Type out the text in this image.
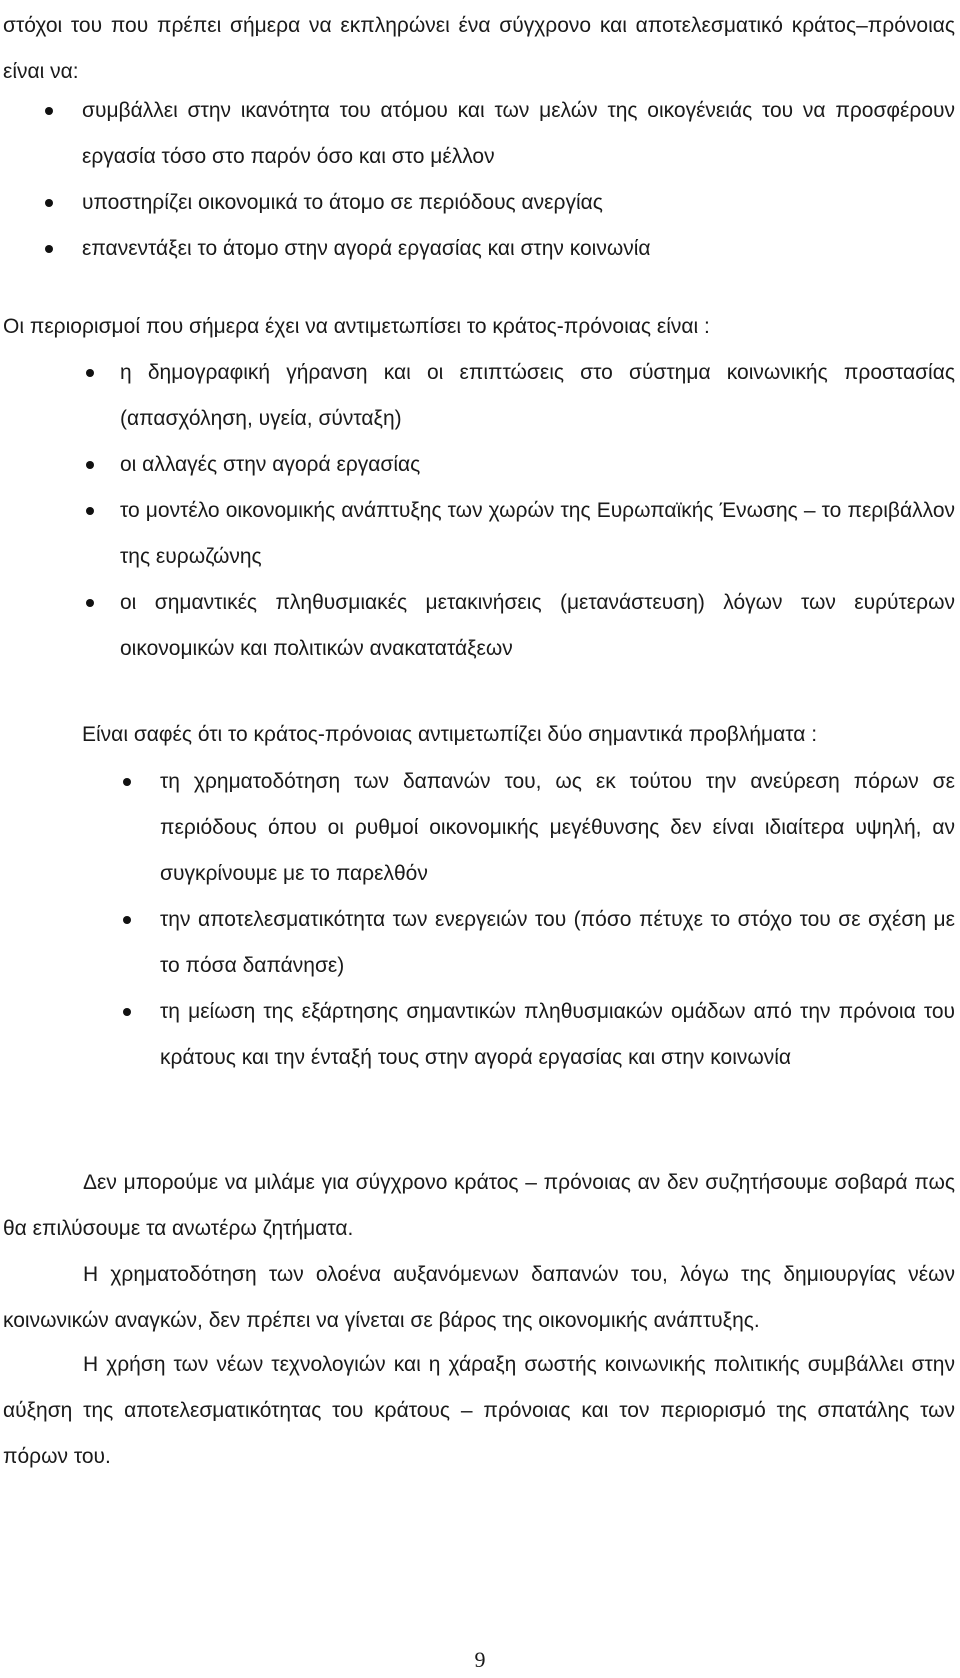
στόχοι του που πρέπει σήμερα να εκπληρώνει ένα σύγχρονο και αποτελεσματικό κράτος–πρόνοιας είναι να:

συμβάλλει στην ικανότητα του ατόμου και των μελών της οικογένειάς του να προσφέρουν εργασία τόσο στο παρόν όσο και στο μέλλον
υποστηρίζει οικονομικά το άτομο σε περιόδους ανεργίας
επανεντάξει το άτομο στην αγορά εργασίας και στην κοινωνία

Οι περιορισμοί που σήμερα έχει να αντιμετωπίσει το κράτος-πρόνοιας είναι :

η δημογραφική γήρανση και οι επιπτώσεις στο σύστημα κοινωνικής προστασίας (απασχόληση, υγεία, σύνταξη)
οι αλλαγές στην αγορά εργασίας
το μοντέλο οικονομικής ανάπτυξης των χωρών της Ευρωπαϊκής Ένωσης – το περιβάλλον της ευρωζώνης
οι σημαντικές πληθυσμιακές μετακινήσεις (μετανάστευση) λόγων των ευρύτερων οικονομικών και πολιτικών ανακατατάξεων

Είναι σαφές ότι το κράτος-πρόνοιας αντιμετωπίζει δύο σημαντικά προβλήματα :

τη χρηματοδότηση των δαπανών του, ως εκ τούτου την ανεύρεση πόρων σε περιόδους όπου οι ρυθμοί οικονομικής μεγέθυνσης δεν είναι ιδιαίτερα υψηλή, αν συγκρίνουμε με το παρελθόν
την αποτελεσματικότητα των ενεργειών του (πόσο πέτυχε το στόχο του σε σχέση με το πόσα δαπάνησε)
τη μείωση της εξάρτησης σημαντικών πληθυσμιακών ομάδων από την πρόνοια του κράτους και την ένταξή τους στην αγορά εργασίας και στην κοινωνία

Δεν μπορούμε να μιλάμε για σύγχρονο κράτος – πρόνοιας αν δεν συζητήσουμε σοβαρά πως θα επιλύσουμε τα ανωτέρω ζητήματα.

Η χρηματοδότηση των ολοένα αυξανόμενων δαπανών του, λόγω της δημιουργίας νέων κοινωνικών αναγκών, δεν πρέπει να γίνεται σε βάρος της οικονομικής ανάπτυξης.

Η χρήση των νέων τεχνολογιών και η χάραξη σωστής κοινωνικής πολιτικής συμβάλλει στην αύξηση της αποτελεσματικότητας του κράτους – πρόνοιας και τον περιορισμό της σπατάλης των πόρων του.

9
